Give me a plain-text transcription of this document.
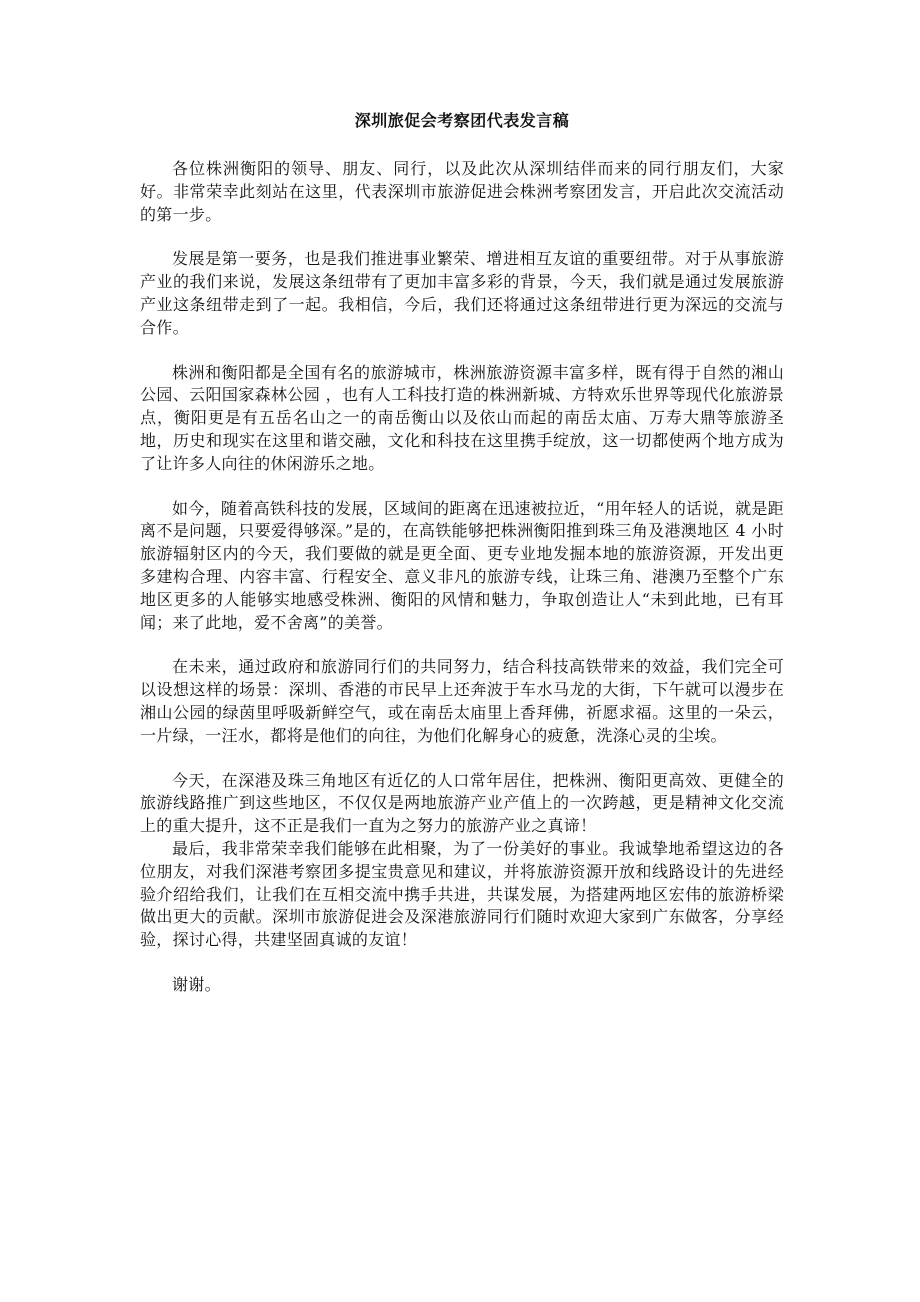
深圳旅促会考察团代表发言稿

各位株洲衡阳的领导、朋友、同行，以及此次从深圳结伴而来的同行朋友们，大家好。非常荣幸此刻站在这里，代表深圳市旅游促进会株洲考察团发言，开启此次交流活动的第一步。

发展是第一要务，也是我们推进事业繁荣、增进相互友谊的重要纽带。对于从事旅游产业的我们来说，发展这条纽带有了更加丰富多彩的背景，今天，我们就是通过发展旅游产业这条纽带走到了一起。我相信，今后，我们还将通过这条纽带进行更为深远的交流与合作。

株洲和衡阳都是全国有名的旅游城市，株洲旅游资源丰富多样，既有得于自然的湘山公园、云阳国家森林公园 ，也有人工科技打造的株洲新城、方特欢乐世界等现代化旅游景点，衡阳更是有五岳名山之一的南岳衡山以及依山而起的南岳太庙、万寿大鼎等旅游圣地，历史和现实在这里和谐交融，文化和科技在这里携手绽放，这一切都使两个地方成为了让许多人向往的休闲游乐之地。

如今，随着高铁科技的发展，区域间的距离在迅速被拉近，“用年轻人的话说，就是距离不是问题，只要爱得够深。”是的，在高铁能够把株洲衡阳推到珠三角及港澳地区 4 小时旅游辐射区内的今天，我们要做的就是更全面、更专业地发掘本地的旅游资源，开发出更多建构合理、内容丰富、行程安全、意义非凡的旅游专线，让珠三角、港澳乃至整个广东地区更多的人能够实地感受株洲、衡阳的风情和魅力，争取创造让人“未到此地，已有耳闻；来了此地，爱不舍离”的美誉。

在未来，通过政府和旅游同行们的共同努力，结合科技高铁带来的效益，我们完全可以设想这样的场景：深圳、香港的市民早上还奔波于车水马龙的大街，下午就可以漫步在湘山公园的绿茵里呼吸新鲜空气，或在南岳太庙里上香拜佛，祈愿求福。这里的一朵云，一片绿，一汪水，都将是他们的向往，为他们化解身心的疲惫，洗涤心灵的尘埃。

今天，在深港及珠三角地区有近亿的人口常年居住，把株洲、衡阳更高效、更健全的旅游线路推广到这些地区，不仅仅是两地旅游产业产值上的一次跨越，更是精神文化交流上的重大提升，这不正是我们一直为之努力的旅游产业之真谛！

最后，我非常荣幸我们能够在此相聚，为了一份美好的事业。我诚挚地希望这边的各位朋友，对我们深港考察团多提宝贵意见和建议，并将旅游资源开放和线路设计的先进经验介绍给我们，让我们在互相交流中携手共进，共谋发展，为搭建两地区宏伟的旅游桥梁做出更大的贡献。深圳市旅游促进会及深港旅游同行们随时欢迎大家到广东做客，分享经验，探讨心得，共建坚固真诚的友谊！

谢谢。
